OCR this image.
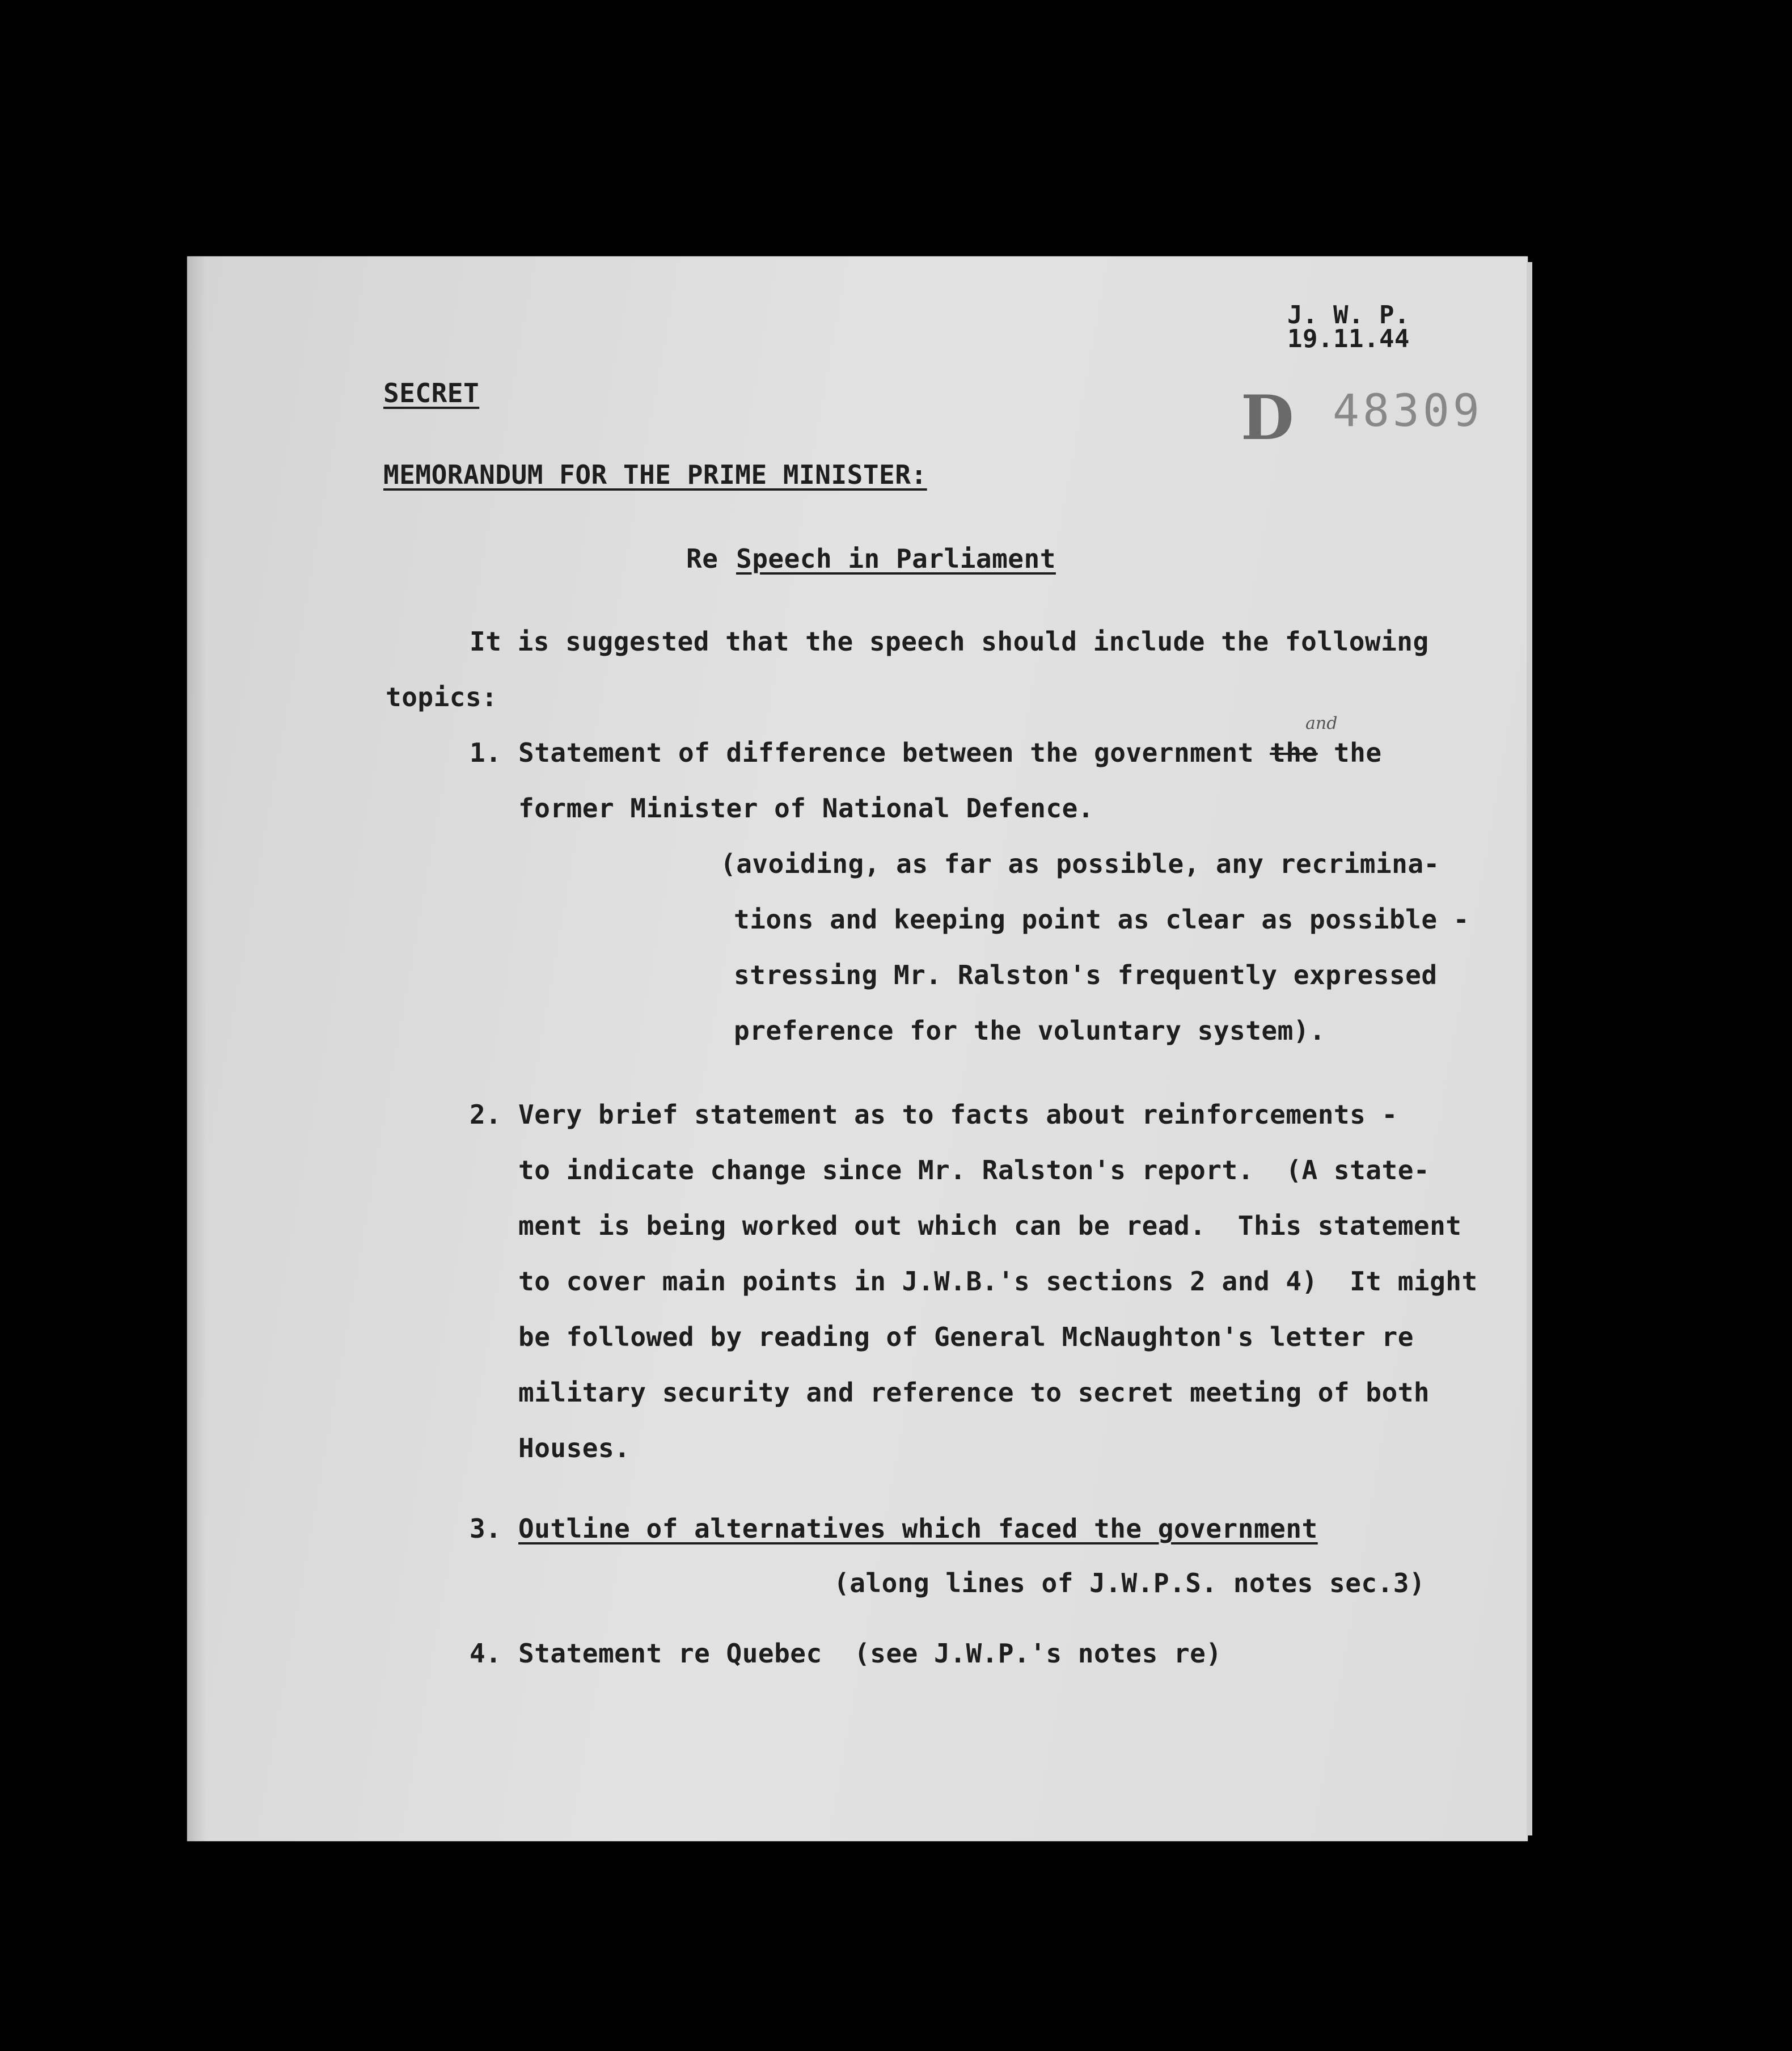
J. W. P.
19.11.44
D 48309
SECRET
MEMORANDUM FOR THE PRIME MINISTER:
Re Speech in Parliament
It is suggested that the speech should include the following
topics:
1. Statement of difference between the government the the
and
former Minister of National Defence.
(avoiding, as far as possible, any recrimina-
tions and keeping point as clear as possible -
stressing Mr. Ralston's frequently expressed
preference for the voluntary system).
2. Very brief statement as to facts about reinforcements -
to indicate change since Mr. Ralston's report.  (A state-
ment is being worked out which can be read.  This statement
to cover main points in J.W.B.'s sections 2 and 4)  It might
be followed by reading of General McNaughton's letter re
military security and reference to secret meeting of both
Houses.
3. Outline of alternatives which faced the government
(along lines of J.W.P.S. notes sec.3)
4. Statement re Quebec  (see J.W.P.'s notes re)
